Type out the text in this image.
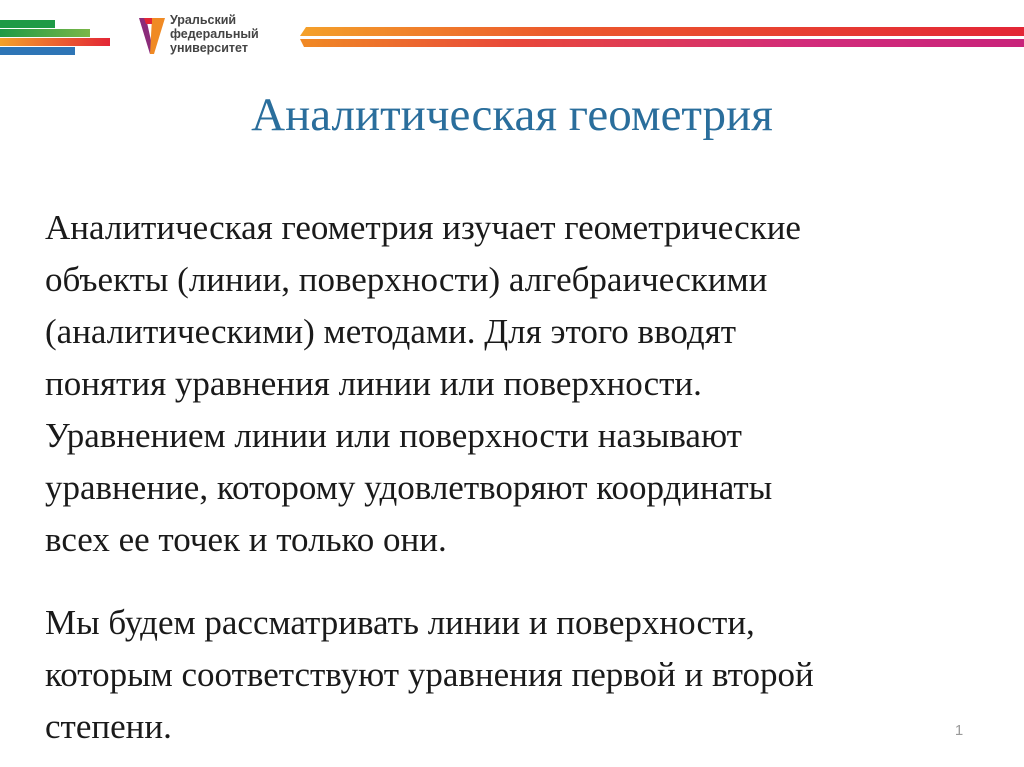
Уральский
федеральный
университет
Аналитическая геометрия

Аналитическая геометрия изучает геометрические
объекты (линии, поверхности) алгебраическими
(аналитическими) методами. Для этого вводят
понятия уравнения линии или поверхности.
Уравнением линии или поверхности называют
уравнение, которому удовлетворяют координаты
всех ее точек и только они.

Мы будем рассматривать линии и поверхности,
которым соответствуют уравнения первой и второй
степени.	1
